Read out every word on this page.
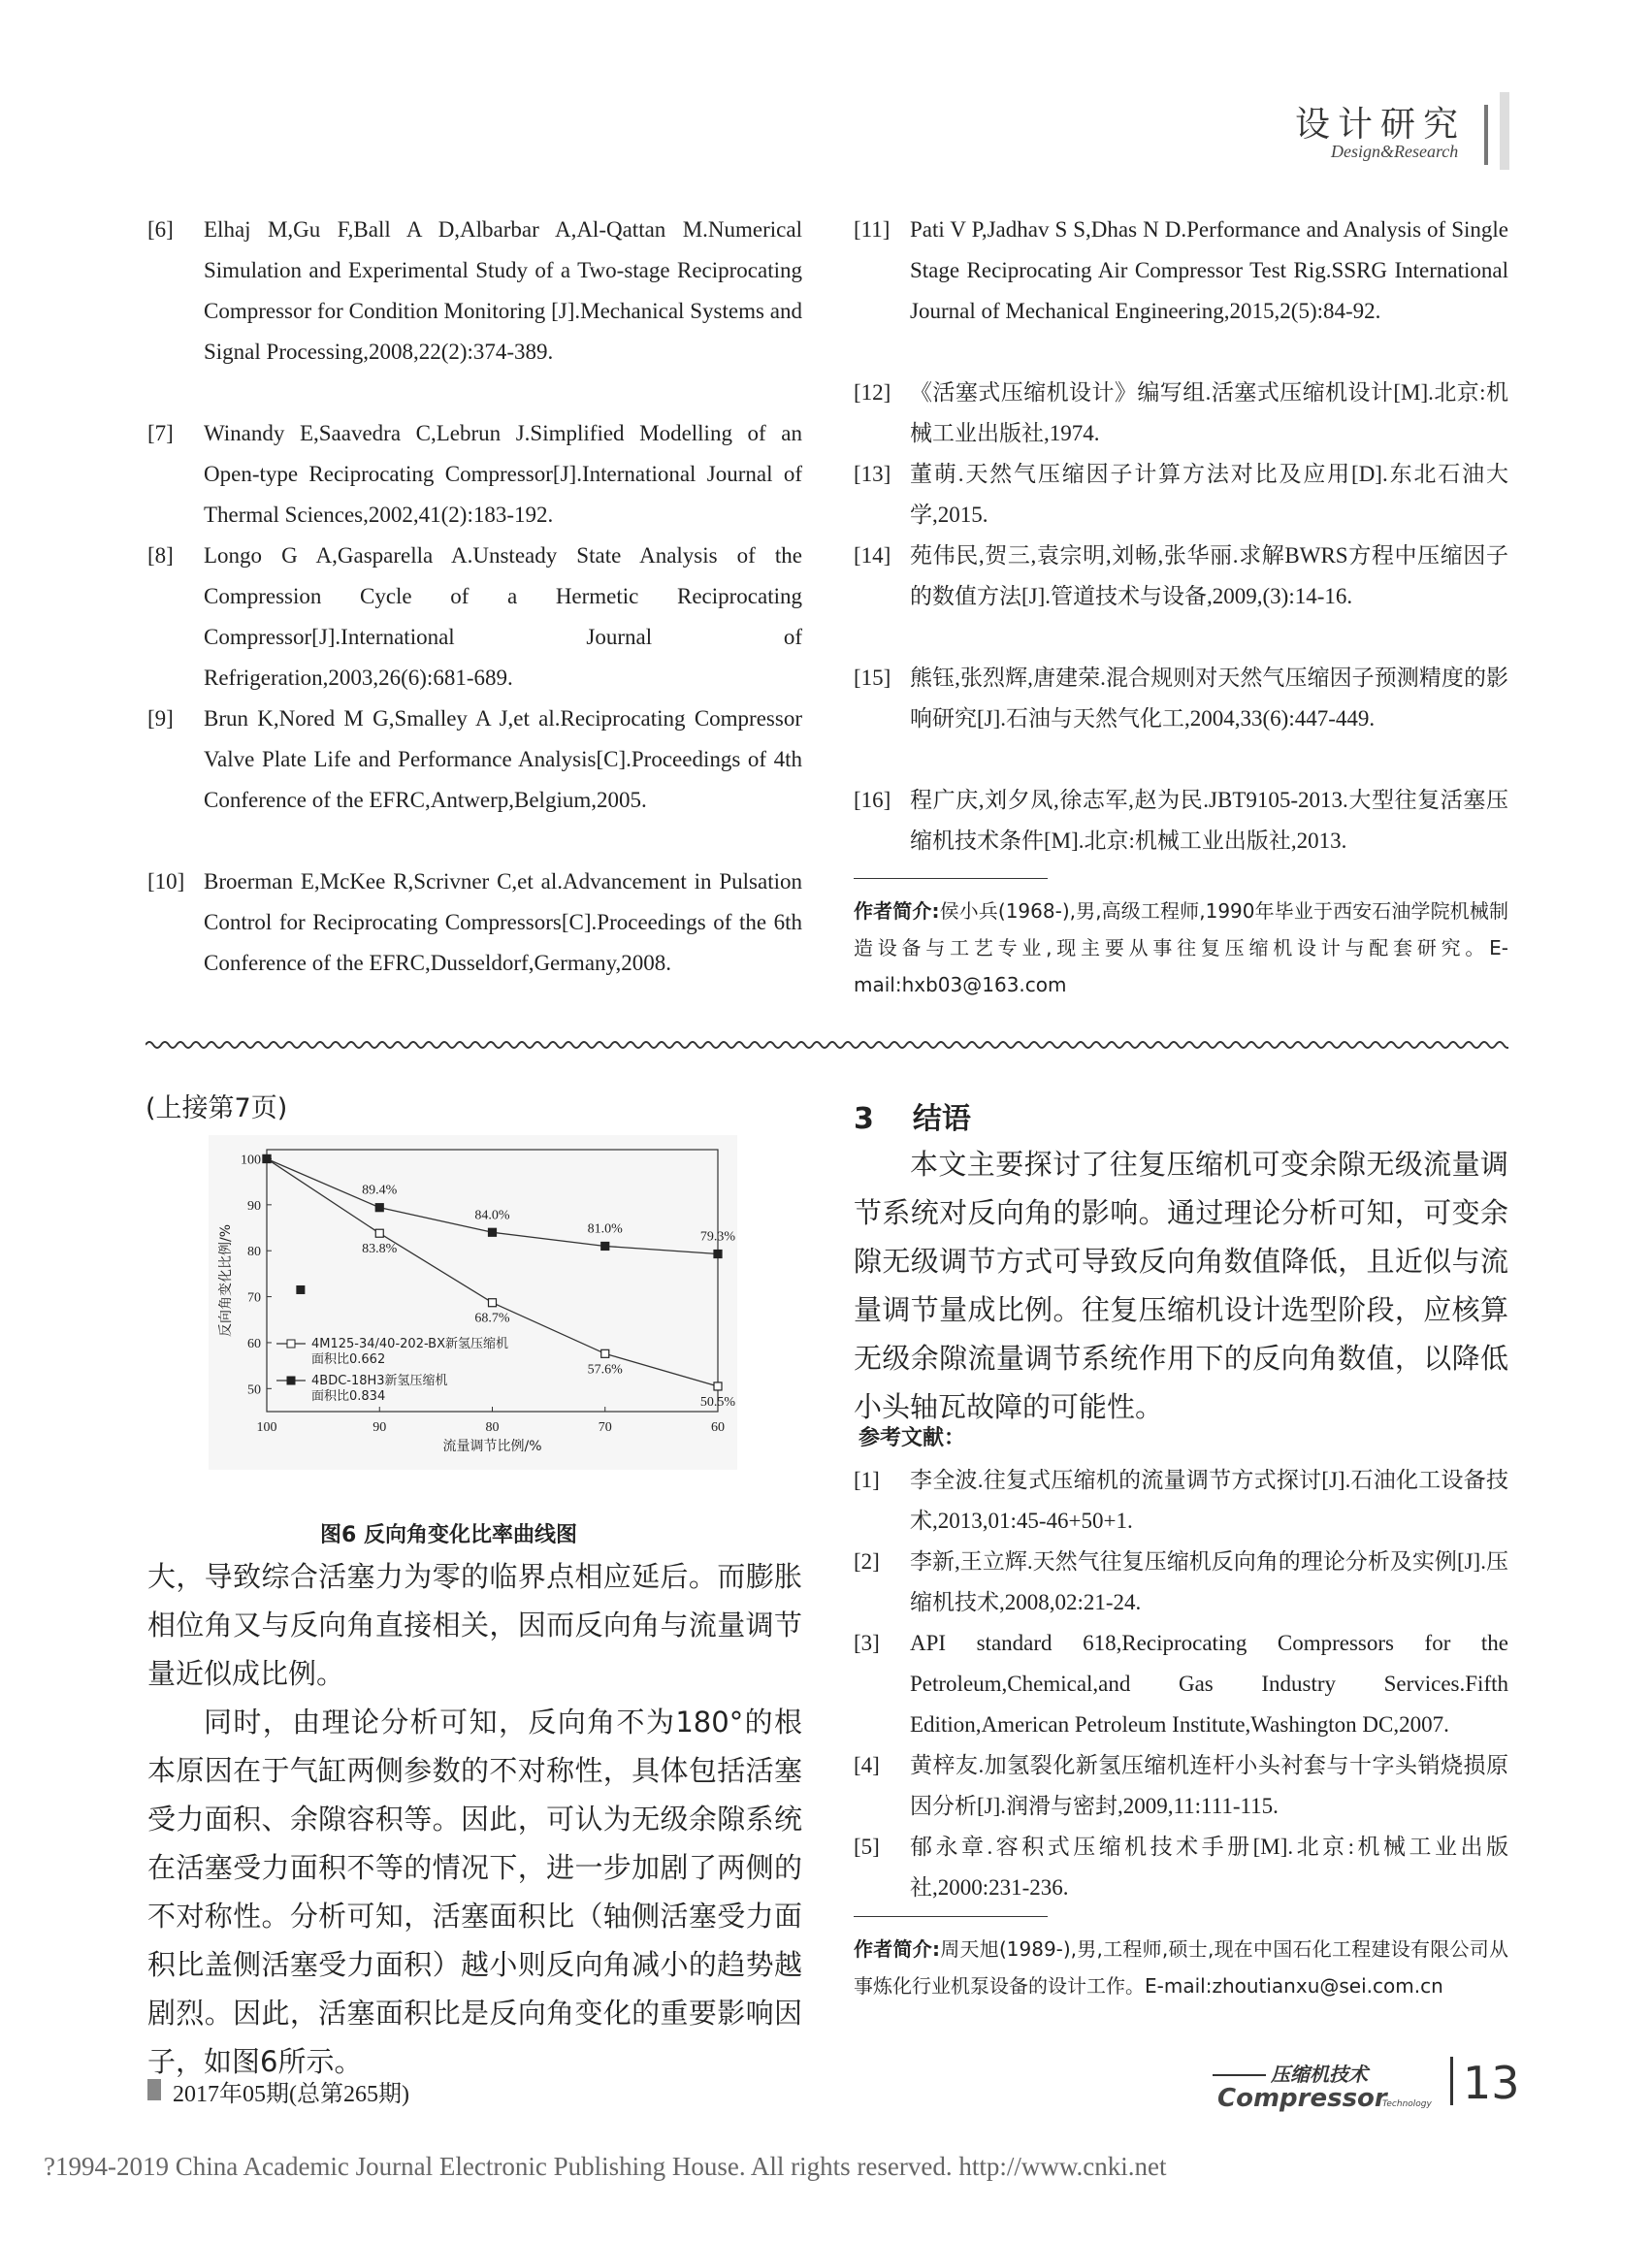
设计研究
Design&Research
[6]	Elhaj M,Gu F,Ball A D,Albarbar A,Al-Qattan M.Numerical Simulation and Experimental Study of a Two-stage Reciprocating Compressor for Condition Monitoring [J].Mechanical Systems and Signal Processing,2008,22(2):374-389.
[7]	Winandy E,Saavedra C,Lebrun J.Simplified Modelling of an Open-type Reciprocating Compressor[J].International Journal of Thermal Sciences,2002,41(2):183-192.
[8]	Longo G A,Gasparella A.Unsteady State Analysis of the Compression Cycle of a Hermetic Reciprocating Compressor[J].International Journal of Refrigeration,2003,26(6):681-689.
[9]	Brun K,Nored M G,Smalley A J,et al.Reciprocating Compressor Valve Plate Life and Performance Analysis[C].Proceedings of 4th Conference of the EFRC,Antwerp,Belgium,2005.
[10] Broerman E,McKee R,Scrivner C,et al.Advancement in Pulsation Control for Reciprocating Compressors[C].Proceedings of the 6th Conference of the EFRC,Dusseldorf,Germany,2008.
[11] Pati V P,Jadhav S S,Dhas N D.Performance and Analysis of Single Stage Reciprocating Air Compressor Test Rig.SSRG International Journal of Mechanical Engineering,2015,2(5):84-92.
[12] 《活塞式压缩机设计》编写组.活塞式压缩机设计[M].北京:机械工业出版社,1974.
[13] 董萌.天然气压缩因子计算方法对比及应用[D].东北石油大学,2015.
[14] 苑伟民,贺三,袁宗明,刘畅,张华丽.求解BWRS方程中压缩因子的数值方法[J].管道技术与设备,2009,(3):14-16.
[15] 熊钰,张烈辉,唐建荣.混合规则对天然气压缩因子预测精度的影响研究[J].石油与天然气化工,2004,33(6):447-449.
[16] 程广庆,刘夕凤,徐志军,赵为民.JBT9105-2013.大型往复活塞压缩机技术条件[M].北京:机械工业出版社,2013.
作者简介:侯小兵(1968-),男,高级工程师,1990年毕业于西安石油学院机械制造设备与工艺专业,现主要从事往复压缩机设计与配套研究。E-mail:hxb03@163.com
(上接第7页)
100	90	80	70	60
100
90
80
70
60
50
流量调节比例/%
反向角变化比例/%	83.8%
68.7%
57.6%
50.5%
89.4%
84.0%
81.0%
79.3%
4M125-34/40-202-BX新氢压缩机
面积比0.662
4BDC-18H3新氢压缩机
面积比0.834
图6 反向角变化比率曲线图
大，导致综合活塞力为零的临界点相应延后。而膨胀相位角又与反向角直接相关，因而反向角与流量调节量近似成比例。
同时，由理论分析可知，反向角不为180°的根本原因在于气缸两侧参数的不对称性，具体包括活塞受力面积、余隙容积等。因此，可认为无级余隙系统在活塞受力面积不等的情况下，进一步加剧了两侧的不对称性。分析可知，活塞面积比（轴侧活塞受力面积比盖侧活塞受力面积）越小则反向角减小的趋势越剧烈。因此，活塞面积比是反向角变化的重要影响因子，如图6所示。
3 结语
本文主要探讨了往复压缩机可变余隙无级流量调节系统对反向角的影响。通过理论分析可知，可变余隙无级调节方式可导致反向角数值降低，且近似与流量调节量成比例。往复压缩机设计选型阶段，应核算无级余隙流量调节系统作用下的反向角数值，以降低小头轴瓦故障的可能性。
参考文献：
[1]	李全波.往复式压缩机的流量调节方式探讨[J].石油化工设备技术,2013,01:45-46+50+1.
[2]	李新,王立辉.天然气往复压缩机反向角的理论分析及实例[J].压缩机技术,2008,02:21-24.
[3]	API standard 618,Reciprocating Compressors for the Petroleum,Chemical,and Gas Industry Services.Fifth Edition,American Petroleum Institute,Washington DC,2007.
[4]	黄梓友.加氢裂化新氢压缩机连杆小头衬套与十字头销烧损原因分析[J].润滑与密封,2009,11:111-115.
[5]	郁永章.容积式压缩机技术手册[M].北京:机械工业出版社,2000:231-236.
作者简介:周天旭(1989-),男,工程师,硕士,现在中国石化工程建设有限公司从事炼化行业机泵设备的设计工作。E-mail:zhoutianxu@sei.com.cn
2017年05期(总第265期)
压缩机技术
Compressor
Technology 13
?1994-2019 China Academic Journal Electronic Publishing House. All rights reserved. http://www.cnki.net
